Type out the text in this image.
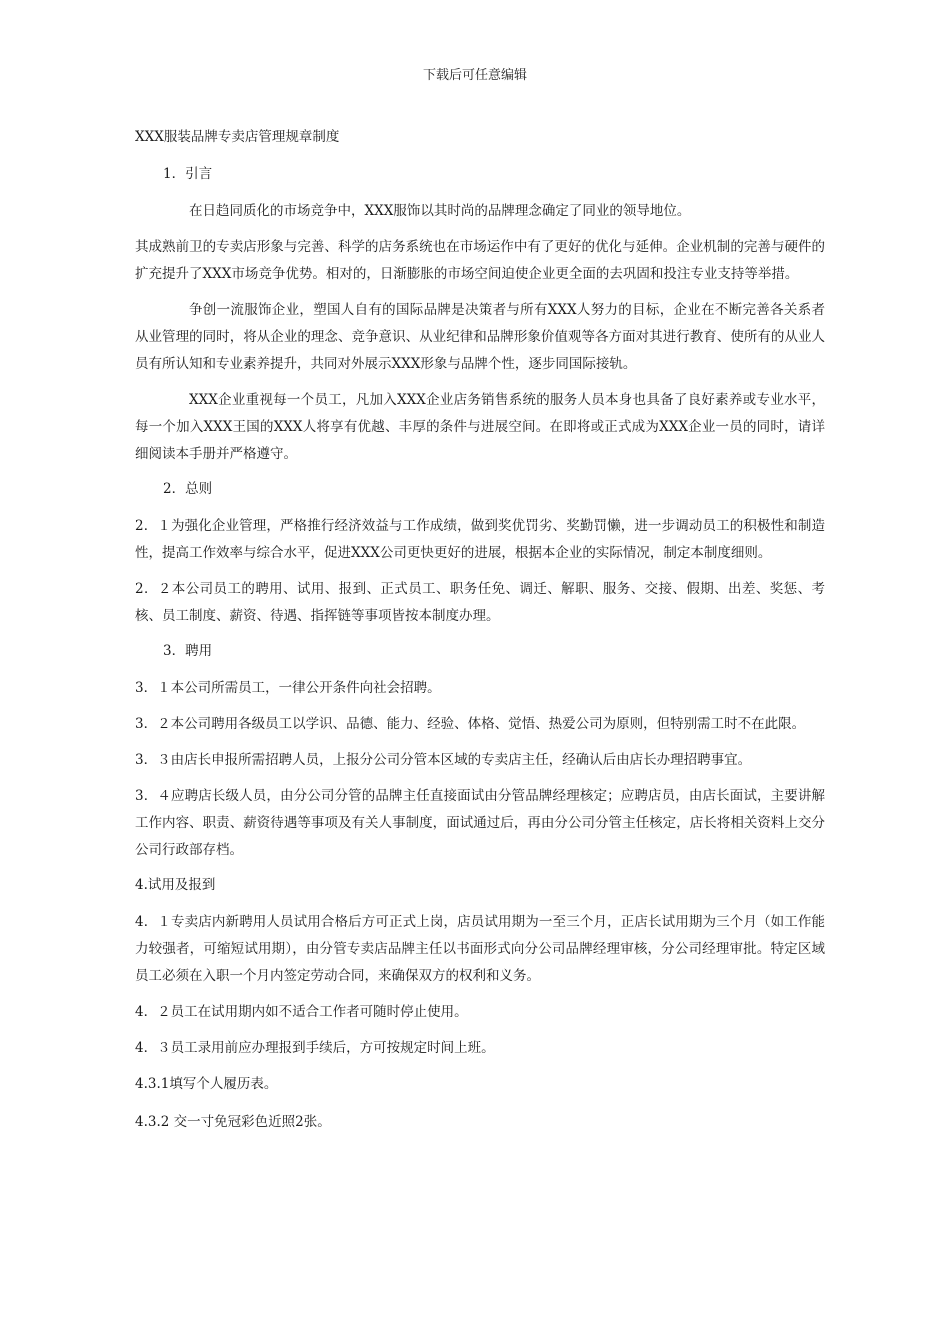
下载后可任意编辑

XXX服装品牌专卖店管理规章制度

1．引言

在日趋同质化的市场竞争中，XXX服饰以其时尚的品牌理念确定了同业的领导地位。

其成熟前卫的专卖店形象与完善、科学的店务系统也在市场运作中有了更好的优化与延伸。企业机制的完善与硬件的扩充提升了XXX市场竞争优势。相对的，日渐膨胀的市场空间迫使企业更全面的去巩固和投注专业支持等举措。

争创一流服饰企业，塑国人自有的国际品牌是决策者与所有XXX人努力的目标，企业在不断完善各关系者从业管理的同时，将从企业的理念、竞争意识、从业纪律和品牌形象价值观等各方面对其进行教育、使所有的从业人员有所认知和专业素养提升，共同对外展示XXX形象与品牌个性，逐步同国际接轨。

XXX企业重视每一个员工，凡加入XXX企业店务销售系统的服务人员本身也具备了良好素养或专业水平，每一个加入XXX王国的XXX人将享有优越、丰厚的条件与进展空间。在即将或正式成为XXX企业一员的同时，请详细阅读本手册并严格遵守。

2．总则

2．１为强化企业管理，严格推行经济效益与工作成绩，做到奖优罚劣、奖勤罚懒，进一步调动员工的积极性和制造性，提高工作效率与综合水平，促进XXX公司更快更好的进展，根据本企业的实际情况，制定本制度细则。

2．２本公司员工的聘用、试用、报到、正式员工、职务任免、调迁、解职、服务、交接、假期、出差、奖惩、考核、员工制度、薪资、待遇、指挥链等事项皆按本制度办理。

3．聘用

3．１本公司所需员工，一律公开条件向社会招聘。

3．２本公司聘用各级员工以学识、品德、能力、经验、体格、觉悟、热爱公司为原则，但特别需工时不在此限。

3．３由店长申报所需招聘人员，上报分公司分管本区域的专卖店主任，经确认后由店长办理招聘事宜。

3．４应聘店长级人员，由分公司分管的品牌主任直接面试由分管品牌经理核定；应聘店员，由店长面试，主要讲解工作内容、职责、薪资待遇等事项及有关人事制度，面试通过后，再由分公司分管主任核定，店长将相关资料上交分公司行政部存档。

4.试用及报到

4．１专卖店内新聘用人员试用合格后方可正式上岗，店员试用期为一至三个月，正店长试用期为三个月（如工作能力较强者，可缩短试用期），由分管专卖店品牌主任以书面形式向分公司品牌经理审核，分公司经理审批。特定区域员工必须在入职一个月内签定劳动合同，来确保双方的权利和义务。

4．２员工在试用期内如不适合工作者可随时停止使用。

4．３员工录用前应办理报到手续后，方可按规定时间上班。

4.3.1填写个人履历表。

4.3.2 交一寸免冠彩色近照2张。
